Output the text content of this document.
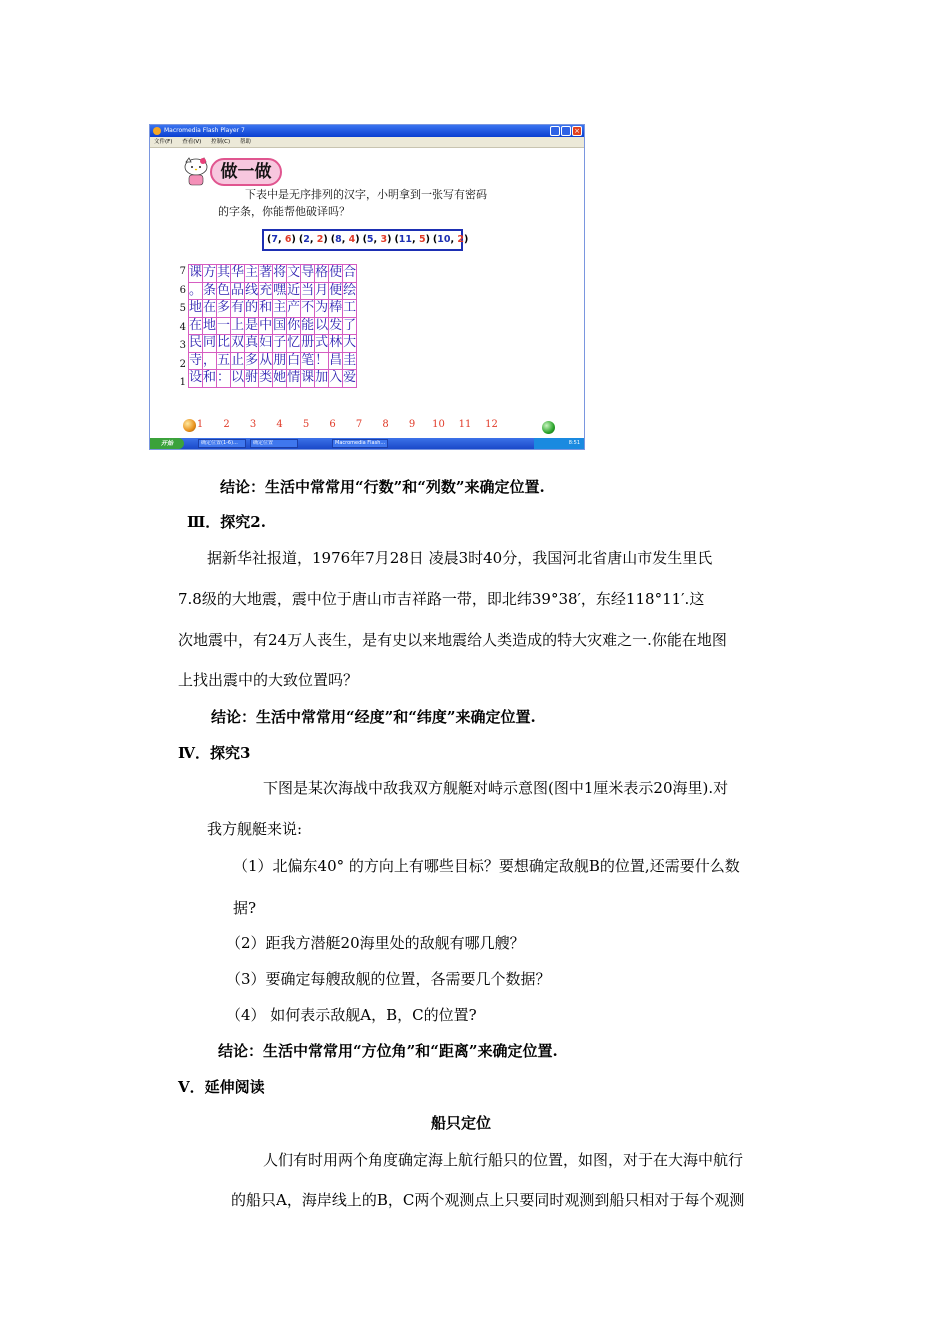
Macromedia Flash Player 7	×
文件(F) 查看(V) 控制(C) 帮助
做一做
下表中是无序排列的汉字，小明拿到一张写有密码
的字条，你能帮他破译吗？
(7, 6) (2, 2) (8, 4) (5, 3) (11, 5) (10, 2)
课	方	其	华	主	著	将	文	导	格	使	合
。	条	色	品	线	充	嘿	近	当	月	便	绘
地	在	多	有	的	和	主	产	不	为	棒	工
在	地	一	上	是	中	国	你	能	以	发	了
民	同	比	双	真	妇	子	忆	册	式	林	大
寺	，	五	止	多	从	朋	白	笔	！	昌	圭
设	和	：	以	驸	类	她	情	课	加	入	爱
7
6
5
4
3
2
1
1	2	3	4	5	6	7	8	9	10	11	12
开始	确定位置(1-6)...	确定位置	Macromedia Flash...	8:51
结论：生活中常常用“行数”和“列数”来确定位置.
Ⅲ．探究2.
据新华社报道，1976年7月28日 凌晨3时40分，我国河北省唐山市发生里氏
7.8级的大地震，震中位于唐山市吉祥路一带，即北纬39°38′，东经118°11′.这
次地震中，有24万人丧生，是有史以来地震给人类造成的特大灾难之一.你能在地图
上找出震中的大致位置吗？
结论：生活中常常用“经度”和“纬度”来确定位置.
Ⅳ．探究3
下图是某次海战中敌我双方舰艇对峙示意图(图中1厘米表示20海里).对
我方舰艇来说:
（1）北偏东40° 的方向上有哪些目标？要想确定敌舰B的位置,还需要什么数
据?
（2）距我方潜艇20海里处的敌舰有哪几艘？
（3）要确定每艘敌舰的位置，各需要几个数据？
（4） 如何表示敌舰A，B，C的位置?
结论：生活中常常用“方位角”和“距离”来确定位置.
Ⅴ．延伸阅读
船只定位
人们有时用两个角度确定海上航行船只的位置，如图，对于在大海中航行
的船只A，海岸线上的B，C两个观测点上只要同时观测到船只相对于每个观测
